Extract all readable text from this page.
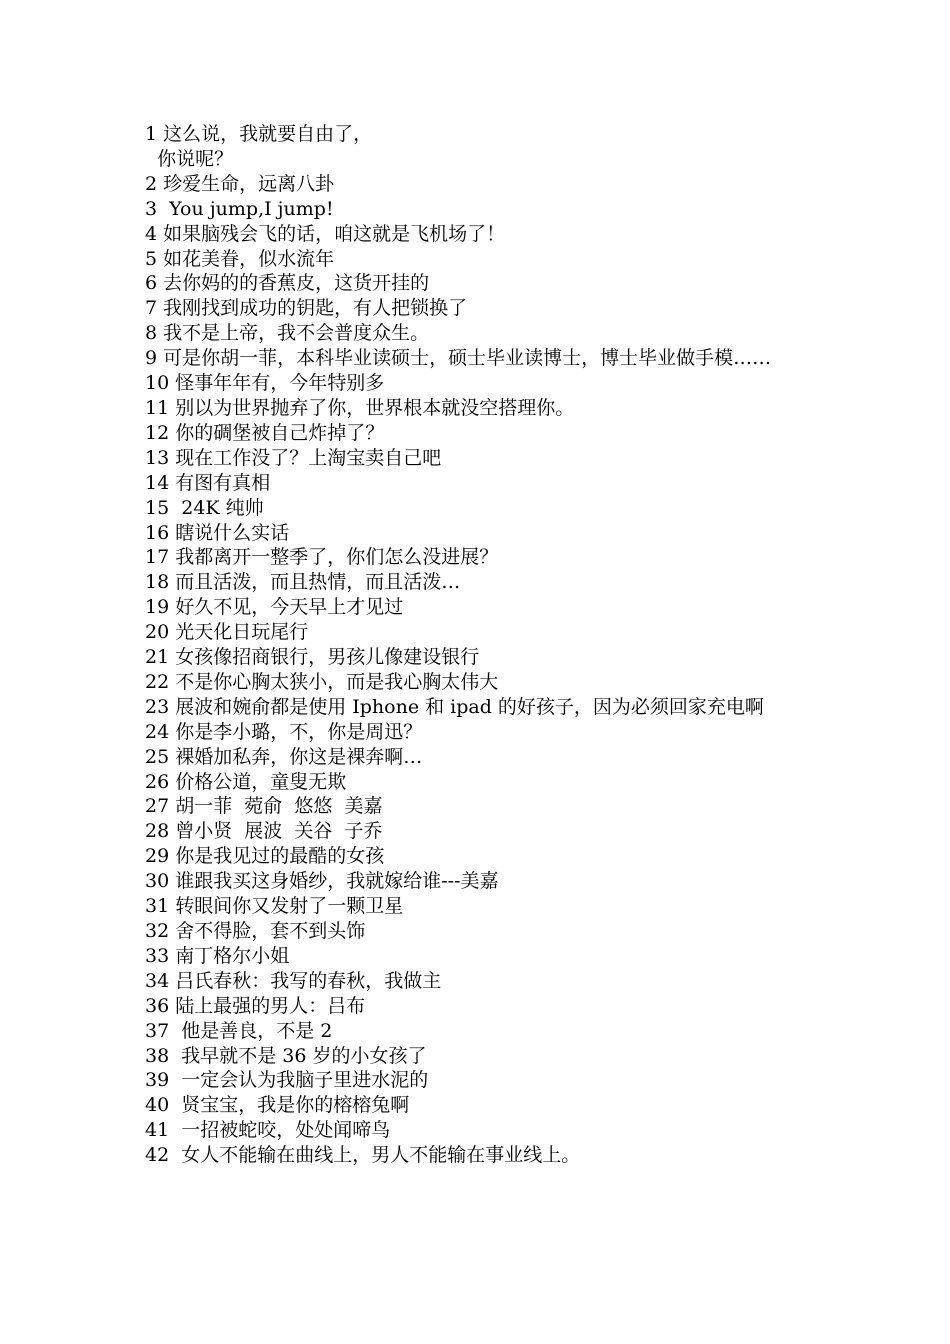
1 这么说，我就要自由了，

你说呢？

2 珍爱生命，远离八卦

3  You jump,I jump!

4 如果脑残会飞的话，咱这就是飞机场了！

5 如花美眷，似水流年

6 去你妈的的香蕉皮，这货开挂的

7 我刚找到成功的钥匙，有人把锁换了

8 我不是上帝，我不会普度众生。

9 可是你胡一菲，本科毕业读硕士，硕士毕业读博士，博士毕业做手模……

10 怪事年年有，今年特别多

11 别以为世界抛弃了你，世界根本就没空搭理你。

12 你的碉堡被自己炸掉了？

13 现在工作没了？上淘宝卖自己吧

14 有图有真相

15  24K 纯帅

16 瞎说什么实话

17 我都离开一整季了，你们怎么没进展？

18 而且活泼，而且热情，而且活泼…

19 好久不见，今天早上才见过

20 光天化日玩尾行

21 女孩像招商银行，男孩儿像建设银行

22 不是你心胸太狭小，而是我心胸太伟大

23 展波和婉俞都是使用 Iphone 和 ipad 的好孩子，因为必须回家充电啊

24 你是李小璐，不，你是周迅？

25 裸婚加私奔，你这是裸奔啊…

26 价格公道，童叟无欺

27 胡一菲  菀俞  悠悠  美嘉

28 曾小贤  展波  关谷  子乔

29 你是我见过的最酷的女孩

30 谁跟我买这身婚纱，我就嫁给谁---美嘉

31 转眼间你又发射了一颗卫星

32 舍不得脸，套不到头饰

33 南丁格尔小姐

34 吕氏春秋：我写的春秋，我做主

36 陆上最强的男人：吕布

37  他是善良，不是 2

38  我早就不是 36 岁的小女孩了

39  一定会认为我脑子里进水泥的

40  贤宝宝，我是你的榕榕兔啊

41  一招被蛇咬，处处闻啼鸟

42  女人不能输在曲线上，男人不能输在事业线上。
